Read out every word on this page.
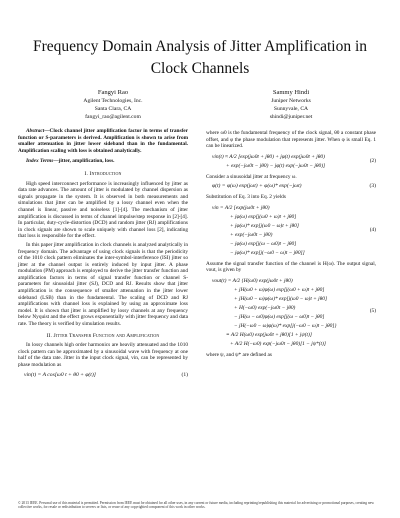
Frequency Domain Analysis of Jitter Amplification in Clock Channels
Fangyi Rao
Agilent Technologies, Inc.
Santa Clara, CA
fangyi_rao@agilent.com
Sammy Hindi
Juniper Networks
Sunnyvale, CA
shindi@juniper.net

Abstract—Clock channel jitter amplification factor in terms of transfer function or S-parameters is derived. Amplification is shown to arise from smaller attenuation in jitter lower sideband than in the fundamental. Amplification scaling with loss is obtained analytically.

Index Terms—jitter, amplification, loss.

I. Introduction

High speed interconnect performance is increasingly influenced by jitter as data rate advances. The amount of jitter is modulated by channel dispersion as signals propagate in the system. It is observed in both measurements and simulations that jitter can be amplified by a lossy channel even when the channel is linear, passive and noiseless [1]-[4]. The mechanism of jitter amplification is discussed in terms of channel impulse/step response in [2]-[4]. In particular, duty-cycle-distortion (DCD) and random jitter (RJ) amplifications in clock signals are shown to scale uniquely with channel loss [2], indicating that loss is responsible for the effect.

In this paper jitter amplification in clock channels is analyzed analytically in frequency domain. The advantage of using clock signals is that the periodicity of the 1010 clock pattern eliminates the inter-symbol-interference (ISI) jitter so jitter at the channel output is entirely induced by input jitter. A phase modulation (PM) approach is employed to derive the jitter transfer function and amplification factors in terms of signal transfer function or channel S-parameters for sinusoidal jitter (SJ), DCD and RJ. Results show that jitter amplification is the consequence of smaller attenuation in the jitter lower sideband (LSB) than in the fundamental. The scaling of DCD and RJ amplifications with channel loss is explained by using an approximate loss model. It is shown that jitter is amplified by lossy channels at any frequency below Nyquist and the effect grows exponentially with jitter frequency and data rate. The theory is verified by simulation results.

II. Jitter Transfer Function and Amplification

In lossy channels high order harmonics are heavily attenuated and the 1010 clock pattern can be approximated by a sinusoidal wave with frequency at one half of the data rate. Jitter in the input clock signal, vin, can be represented by phase modulation as

vin(t) = A cos[ω0 t + θ0 + φ(t)]	(1)

where ω0 is the fundamental frequency of the clock signal, θ0 a constant phase offset, and φ the phase modulation that represents jitter. When φ is small Eq. 1 can be linearized.

(2)
vin(t) ≈ A/2 [exp(jω0t + jθ0) + jφ(t) exp(jω0t + jθ0)
+ exp(−jω0t − jθ0) − jφ(t) exp(−jω0t − jθ0)]

Consider a sinusoidal jitter at frequency ω.

φ(t) = φ(ω) exp(jωt) + φ(ω)* exp(−jωt)	(3)

Substitution of Eq. 3 into Eq. 2 yields

(4)
vin = A/2 [exp(jω0t + jθ0)
+ jφ(ω) exp[j(ω0 + ω)t + jθ0]
+ jφ(ω)* exp[j(ω0 − ω)t + jθ0]
+ exp(−jω0t − jθ0)
− jφ(ω) exp[j(ω − ω0)t − jθ0]
− jφ(ω)* exp[j(−ω0 − ω)t − jθ0]]

Assume the signal transfer function of the channel is H(ω). The output signal, vout, is given by

(5)
vout(t) = A/2 {H(ω0) exp(jω0t + jθ0)
+ jH(ω0 + ω)φ(ω) exp[j(ω0 + ω)t + jθ0]
+ jH(ω0 − ω)φ(ω)* exp[j(ω0 − ω)t + jθ0]
+ H(−ω0) exp(−jω0t − jθ0)
− jH(ω − ω0)φ(ω) exp[j(ω − ω0)t − jθ0]
− jH(−ω0 − ω)φ(ω)* exp[j(−ω0 − ω)t − jθ0]}
≡ A/2 H(ω0) exp(jω0t + jθ0)[1 + jψ(t)]
+ A/2 H(−ω0) exp(−jω0t − jθ0)[1 − jψ*(t)]

where ψ, and ψ* are defined as

© 2013 IEEE. Personal use of this material is permitted. Permission from IEEE must be obtained for all other uses, in any current or future media, including reprinting/republishing this material for advertising or promotional purposes, creating new collective works, for resale or redistribution to servers or lists, or reuse of any copyrighted component of this work in other works.
